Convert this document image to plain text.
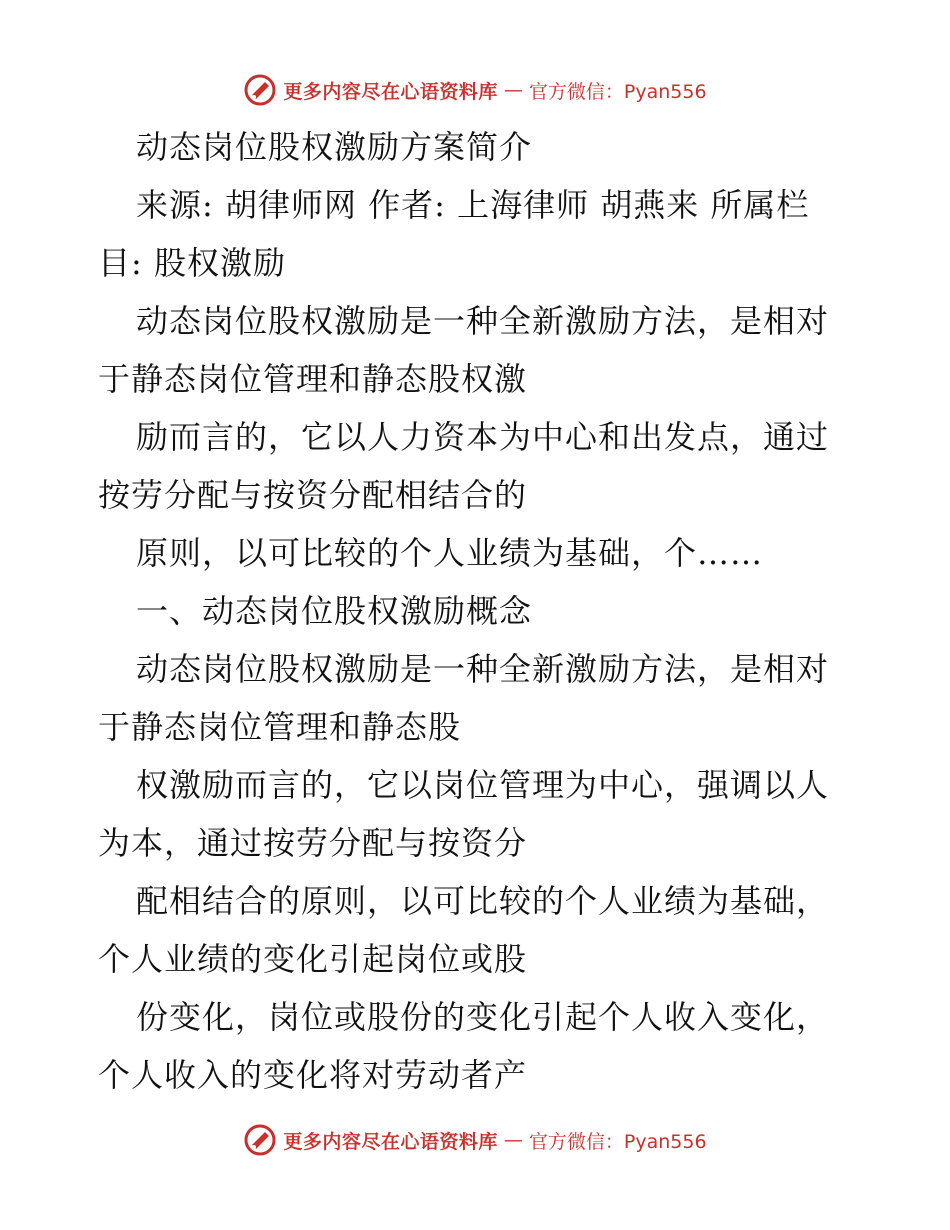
更多内容尽在心语资料库 — 官方微信：Pyan556
动态岗位股权激励方案简介
来源: 胡律师网 作者: 上海律师 胡燕来 所属栏
目: 股权激励
动态岗位股权激励是一种全新激励方法，是相对
于静态岗位管理和静态股权激
励而言的，它以人力资本为中心和出发点，通过
按劳分配与按资分配相结合的
原则，以可比较的个人业绩为基础，个……
一、动态岗位股权激励概念
动态岗位股权激励是一种全新激励方法，是相对
于静态岗位管理和静态股
权激励而言的，它以岗位管理为中心，强调以人
为本，通过按劳分配与按资分
配相结合的原则，以可比较的个人业绩为基础，
个人业绩的变化引起岗位或股
份变化，岗位或股份的变化引起个人收入变化，
个人收入的变化将对劳动者产
更多内容尽在心语资料库 — 官方微信：Pyan556
